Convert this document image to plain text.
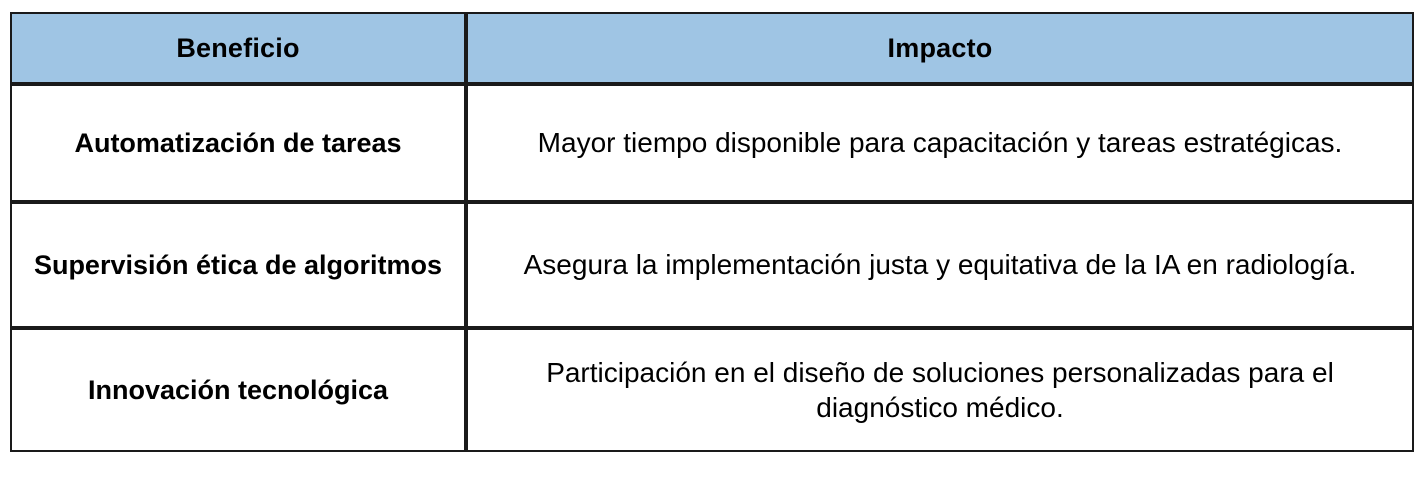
Beneficio	Impacto
Automatización de tareas	Mayor tiempo disponible para capacitación y tareas estratégicas.
Supervisión ética de algoritmos	Asegura la implementación justa y equitativa de la IA en radiología.
Innovación tecnológica	Participación en el diseño de soluciones personalizadas para el diagnóstico médico.
